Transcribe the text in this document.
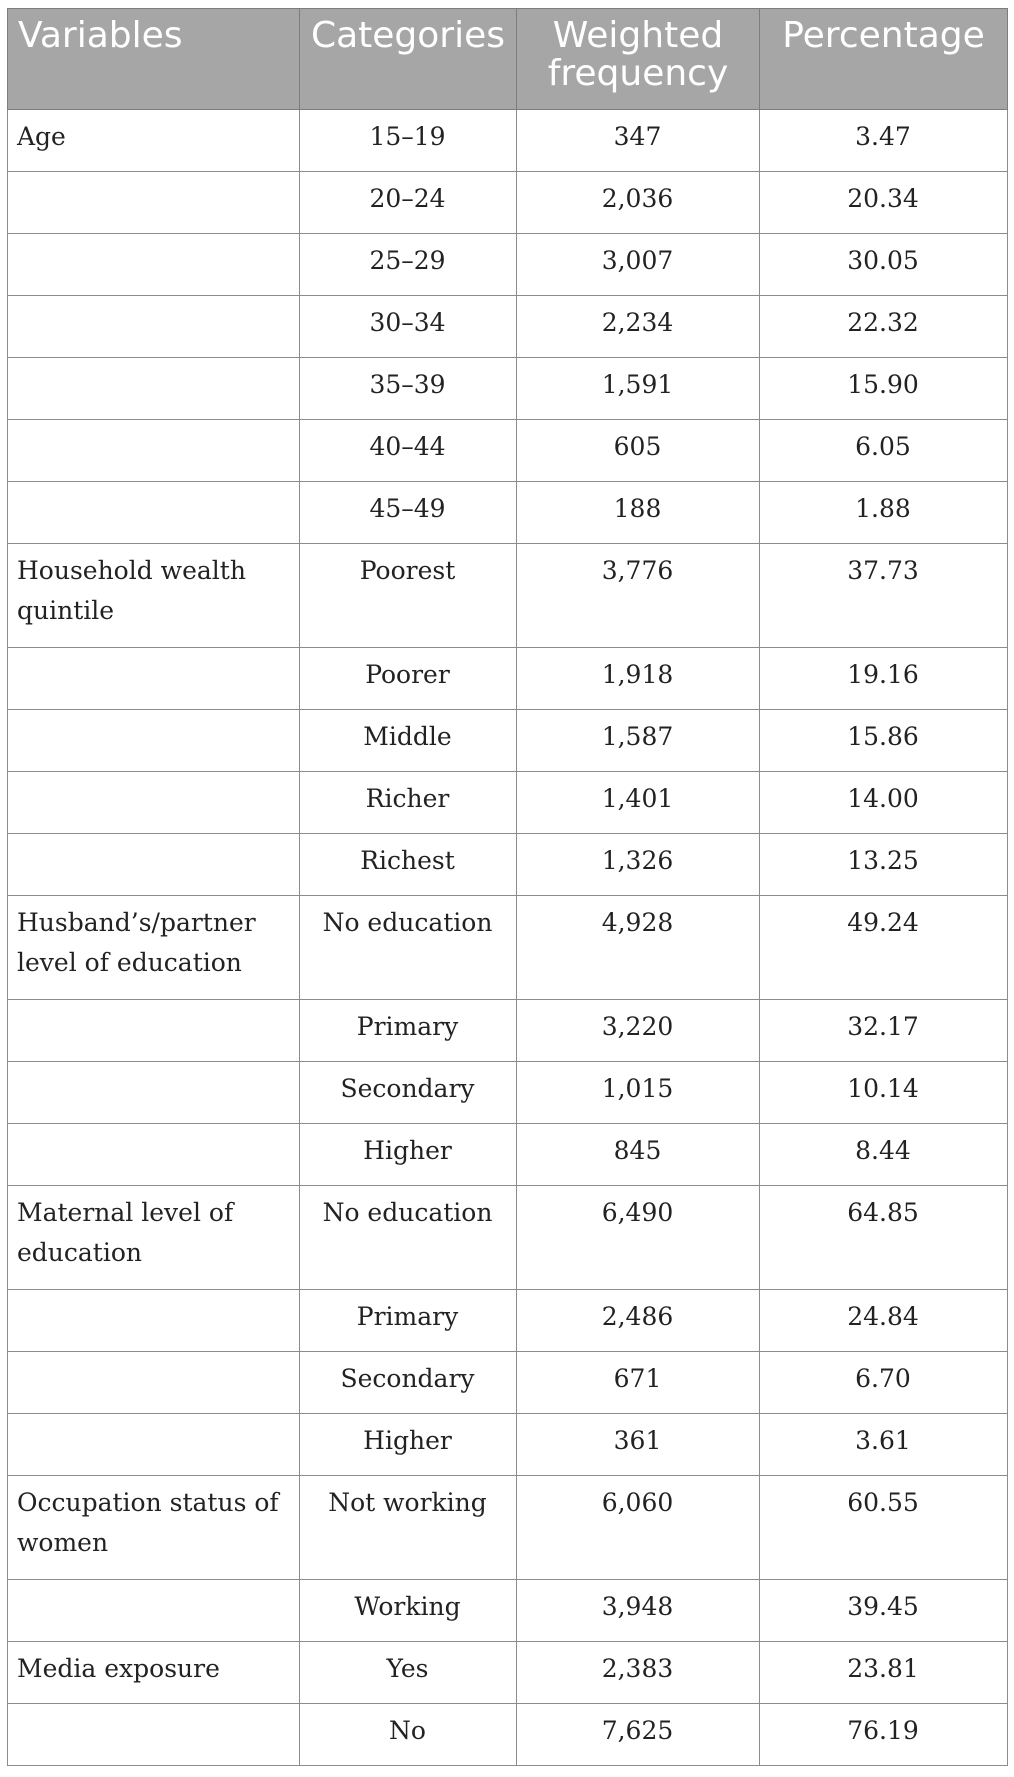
Variables	Categories	Weighted frequency	Percentage
Age	15–19	347	3.47
	20–24	2,036	20.34
	25–29	3,007	30.05
	30–34	2,234	22.32
	35–39	1,591	15.90
	40–44	605	6.05
	45–49	188	1.88
Household wealth quintile	Poorest	3,776	37.73
	Poorer	1,918	19.16
	Middle	1,587	15.86
	Richer	1,401	14.00
	Richest	1,326	13.25
Husband’s/partner level of education	No education	4,928	49.24
	Primary	3,220	32.17
	Secondary	1,015	10.14
	Higher	845	8.44
Maternal level of education	No education	6,490	64.85
	Primary	2,486	24.84
	Secondary	671	6.70
	Higher	361	3.61
Occupation status of women	Not working	6,060	60.55
	Working	3,948	39.45
Media exposure	Yes	2,383	23.81
	No	7,625	76.19
